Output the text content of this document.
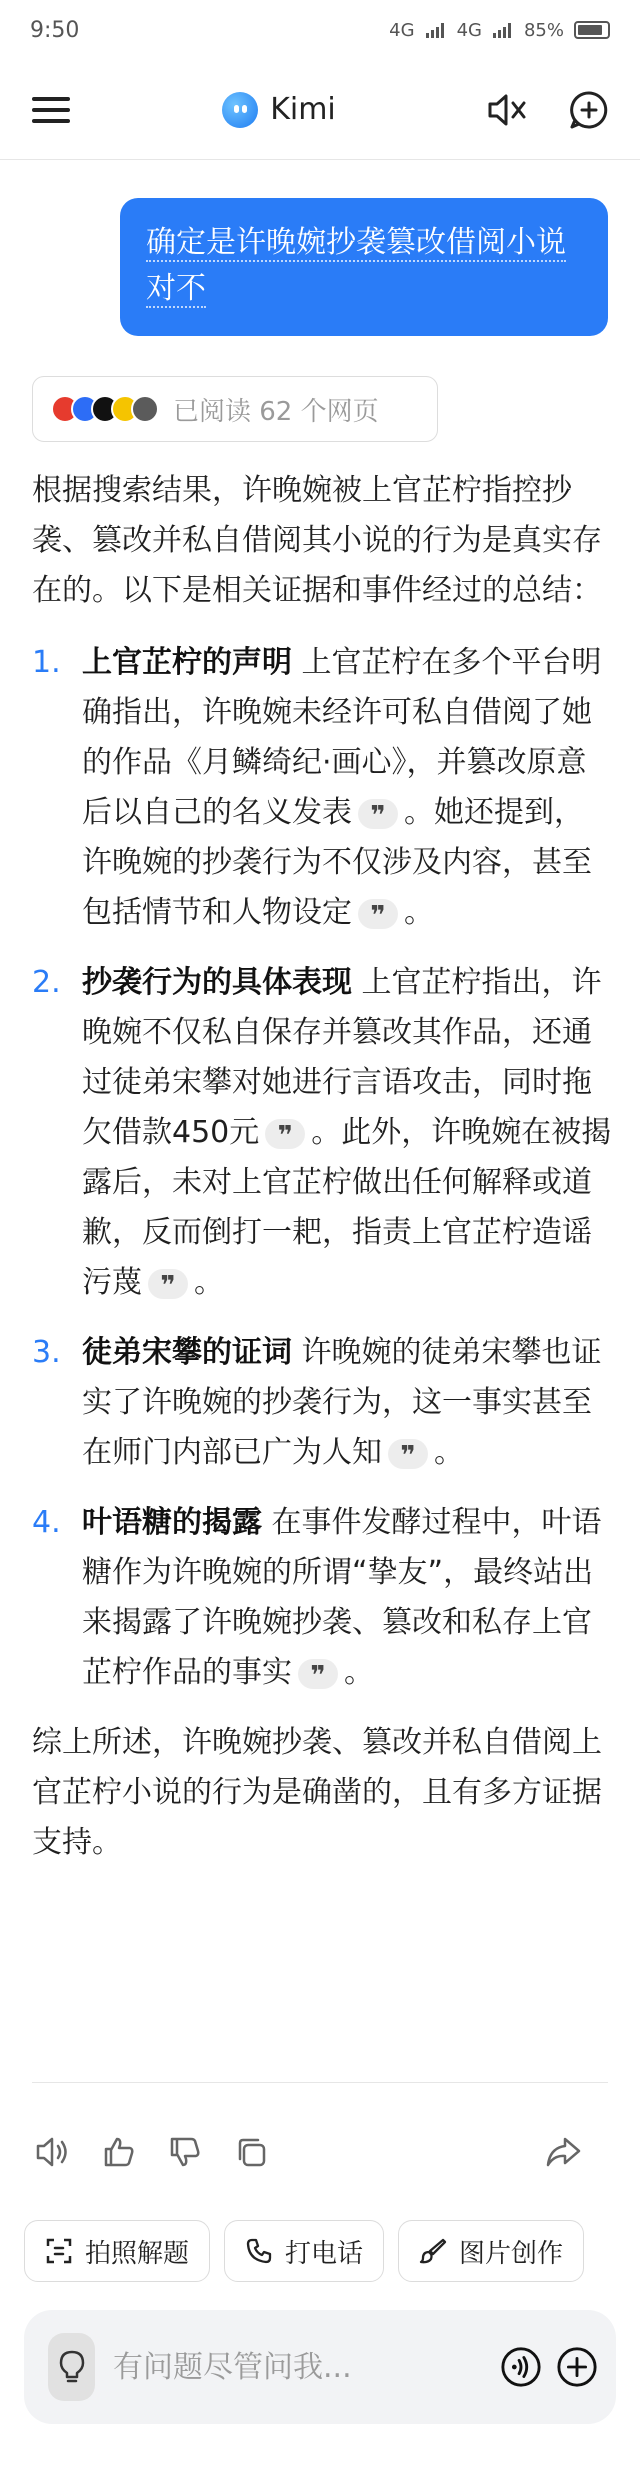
9:50	4G 4G 85%
Kimi
确定是许晚婉抄袭篡改借阅小说对不
已阅读 62 个网页

根据搜索结果，许晚婉被上官芷柠指控抄袭、篡改并私自借阅其小说的行为是真实存在的。以下是相关证据和事件经过的总结：

1. 上官芷柠的声明 上官芷柠在多个平台明确指出，许晚婉未经许可私自借阅了她的作品《月鳞绮纪·画心》，并篡改原意后以自己的名义发表 ❞ 。她还提到，许晚婉的抄袭行为不仅涉及内容，甚至包括情节和人物设定 ❞ 。
2. 抄袭行为的具体表现 上官芷柠指出，许晚婉不仅私自保存并篡改其作品，还通过徒弟宋攀对她进行言语攻击，同时拖欠借款450元 ❞ 。此外，许晚婉在被揭露后，未对上官芷柠做出任何解释或道歉，反而倒打一耙，指责上官芷柠造谣污蔑 ❞ 。
3. 徒弟宋攀的证词 许晚婉的徒弟宋攀也证实了许晚婉的抄袭行为，这一事实甚至在师门内部已广为人知 ❞ 。
4. 叶语糖的揭露 在事件发酵过程中，叶语糖作为许晚婉的所谓“挚友”，最终站出来揭露了许晚婉抄袭、篡改和私存上官芷柠作品的事实 ❞ 。

综上所述，许晚婉抄袭、篡改并私自借阅上官芷柠小说的行为是确凿的，且有多方证据支持。

拍照解题	打电话	图片创作
有问题尽管问我...
